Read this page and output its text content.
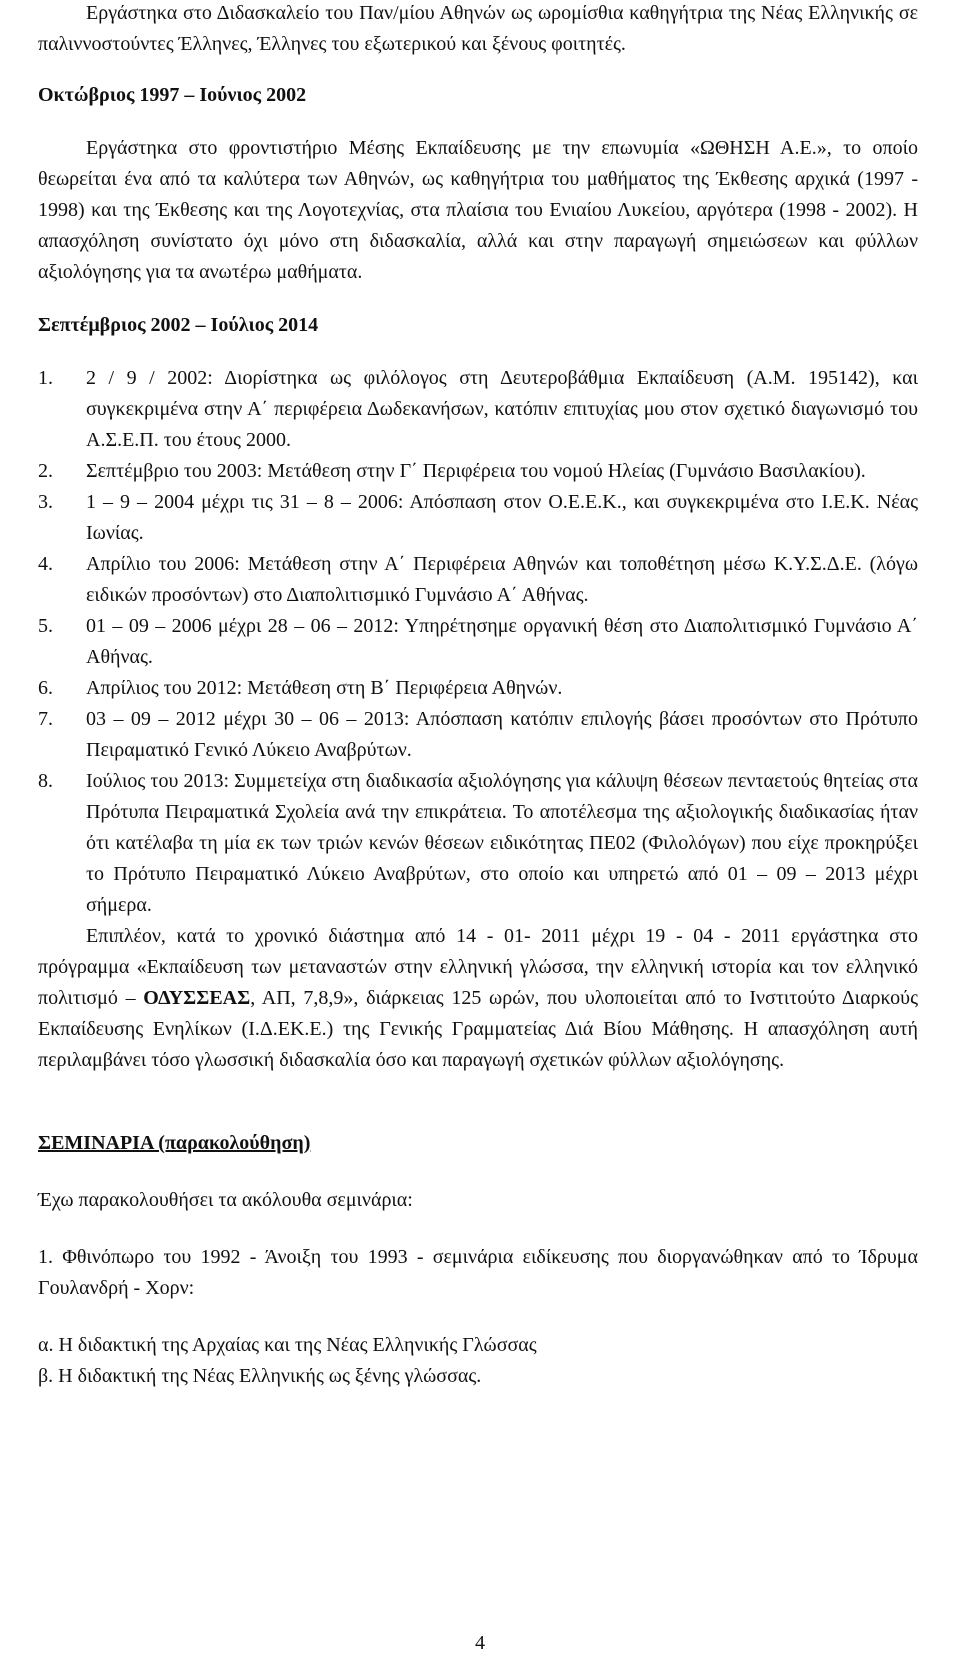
Εργάστηκα στο Διδασκαλείο του Παν/μίου Αθηνών ως ωρομίσθια καθηγήτρια της Νέας Ελληνικής σε παλιννοστούντες Έλληνες, Έλληνες του εξωτερικού και ξένους φοιτητές.

Οκτώβριος 1997 – Ιούνιος 2002

Εργάστηκα στο φροντιστήριο Μέσης Εκπαίδευσης με την επωνυμία «ΩΘΗΣΗ Α.Ε.», το οποίο θεωρείται ένα από τα καλύτερα των Αθηνών, ως καθηγήτρια του μαθήματος της Έκθεσης αρχικά (1997 - 1998) και της Έκθεσης και της Λογοτεχνίας, στα πλαίσια του Ενιαίου Λυκείου, αργότερα (1998 - 2002). Η απασχόληση συνίστατο όχι μόνο στη διδασκαλία, αλλά και στην παραγωγή σημειώσεων και φύλλων αξιολόγησης για τα ανωτέρω μαθήματα.

Σεπτέμβριος 2002 – Ιούλιος 2014

1. 2 / 9 / 2002: Διορίστηκα ως φιλόλογος στη Δευτεροβάθμια Εκπαίδευση (Α.Μ. 195142), και συγκεκριμένα στην Α΄ περιφέρεια Δωδεκανήσων, κατόπιν επιτυχίας μου στον σχετικό διαγωνισμό του Α.Σ.Ε.Π. του έτους 2000.
2. Σεπτέμβριο του 2003: Μετάθεση στην Γ΄ Περιφέρεια του νομού Ηλείας (Γυμνάσιο Βασιλακίου).
3. 1 – 9 – 2004 μέχρι τις 31 – 8 – 2006: Απόσπαση στον Ο.Ε.Ε.Κ., και συγκεκριμένα στο Ι.Ε.Κ. Νέας Ιωνίας.
4. Απρίλιο του 2006: Μετάθεση στην Α΄ Περιφέρεια Αθηνών και τοποθέτηση μέσω Κ.Υ.Σ.Δ.Ε. (λόγω ειδικών προσόντων) στο Διαπολιτισμικό Γυμνάσιο Α΄ Αθήνας.
5. 01 – 09 – 2006 μέχρι 28 – 06 – 2012: Υπηρέτησημε οργανική θέση στο Διαπολιτισμικό Γυμνάσιο Α΄ Αθήνας.
6. Απρίλιος του 2012: Μετάθεση στη Β΄ Περιφέρεια Αθηνών.
7. 03 – 09 – 2012 μέχρι 30 – 06 – 2013: Απόσπαση κατόπιν επιλογής βάσει προσόντων στο Πρότυπο Πειραματικό Γενικό Λύκειο Αναβρύτων.
8. Ιούλιος του 2013: Συμμετείχα στη διαδικασία αξιολόγησης για κάλυψη θέσεων πενταετούς θητείας στα Πρότυπα Πειραματικά Σχολεία ανά την επικράτεια. Το αποτέλεσμα της αξιολογικής διαδικασίας ήταν ότι κατέλαβα τη μία εκ των τριών κενών θέσεων ειδικότητας ΠΕ02 (Φιλολόγων) που είχε προκηρύξει το Πρότυπο Πειραματικό Λύκειο Αναβρύτων, στο οποίο και υπηρετώ από 01 – 09 – 2013 μέχρι σήμερα.

Επιπλέον, κατά το χρονικό διάστημα από 14 - 01- 2011 μέχρι 19 - 04 - 2011 εργάστηκα στο πρόγραμμα «Εκπαίδευση των μεταναστών στην ελληνική γλώσσα, την ελληνική ιστορία και τον ελληνικό πολιτισμό – ΟΔΥΣΣΕΑΣ, ΑΠ, 7,8,9», διάρκειας 125 ωρών, που υλοποιείται από το Ινστιτούτο Διαρκούς Εκπαίδευσης Ενηλίκων (Ι.Δ.ΕΚ.Ε.) της Γενικής Γραμματείας Διά Βίου Μάθησης. Η απασχόληση αυτή περιλαμβάνει τόσο γλωσσική διδασκαλία όσο και παραγωγή σχετικών φύλλων αξιολόγησης.

ΣΕΜΙΝΑΡΙΑ (παρακολούθηση)

Έχω παρακολουθήσει τα ακόλουθα σεμινάρια:

1. Φθινόπωρο του 1992 - Άνοιξη του 1993 - σεμινάρια ειδίκευσης που διοργανώθηκαν από το Ίδρυμα Γουλανδρή - Χορν:

α. Η διδακτική της Αρχαίας και της Νέας Ελληνικής Γλώσσας

β. Η διδακτική της Νέας Ελληνικής ως ξένης γλώσσας.

4
